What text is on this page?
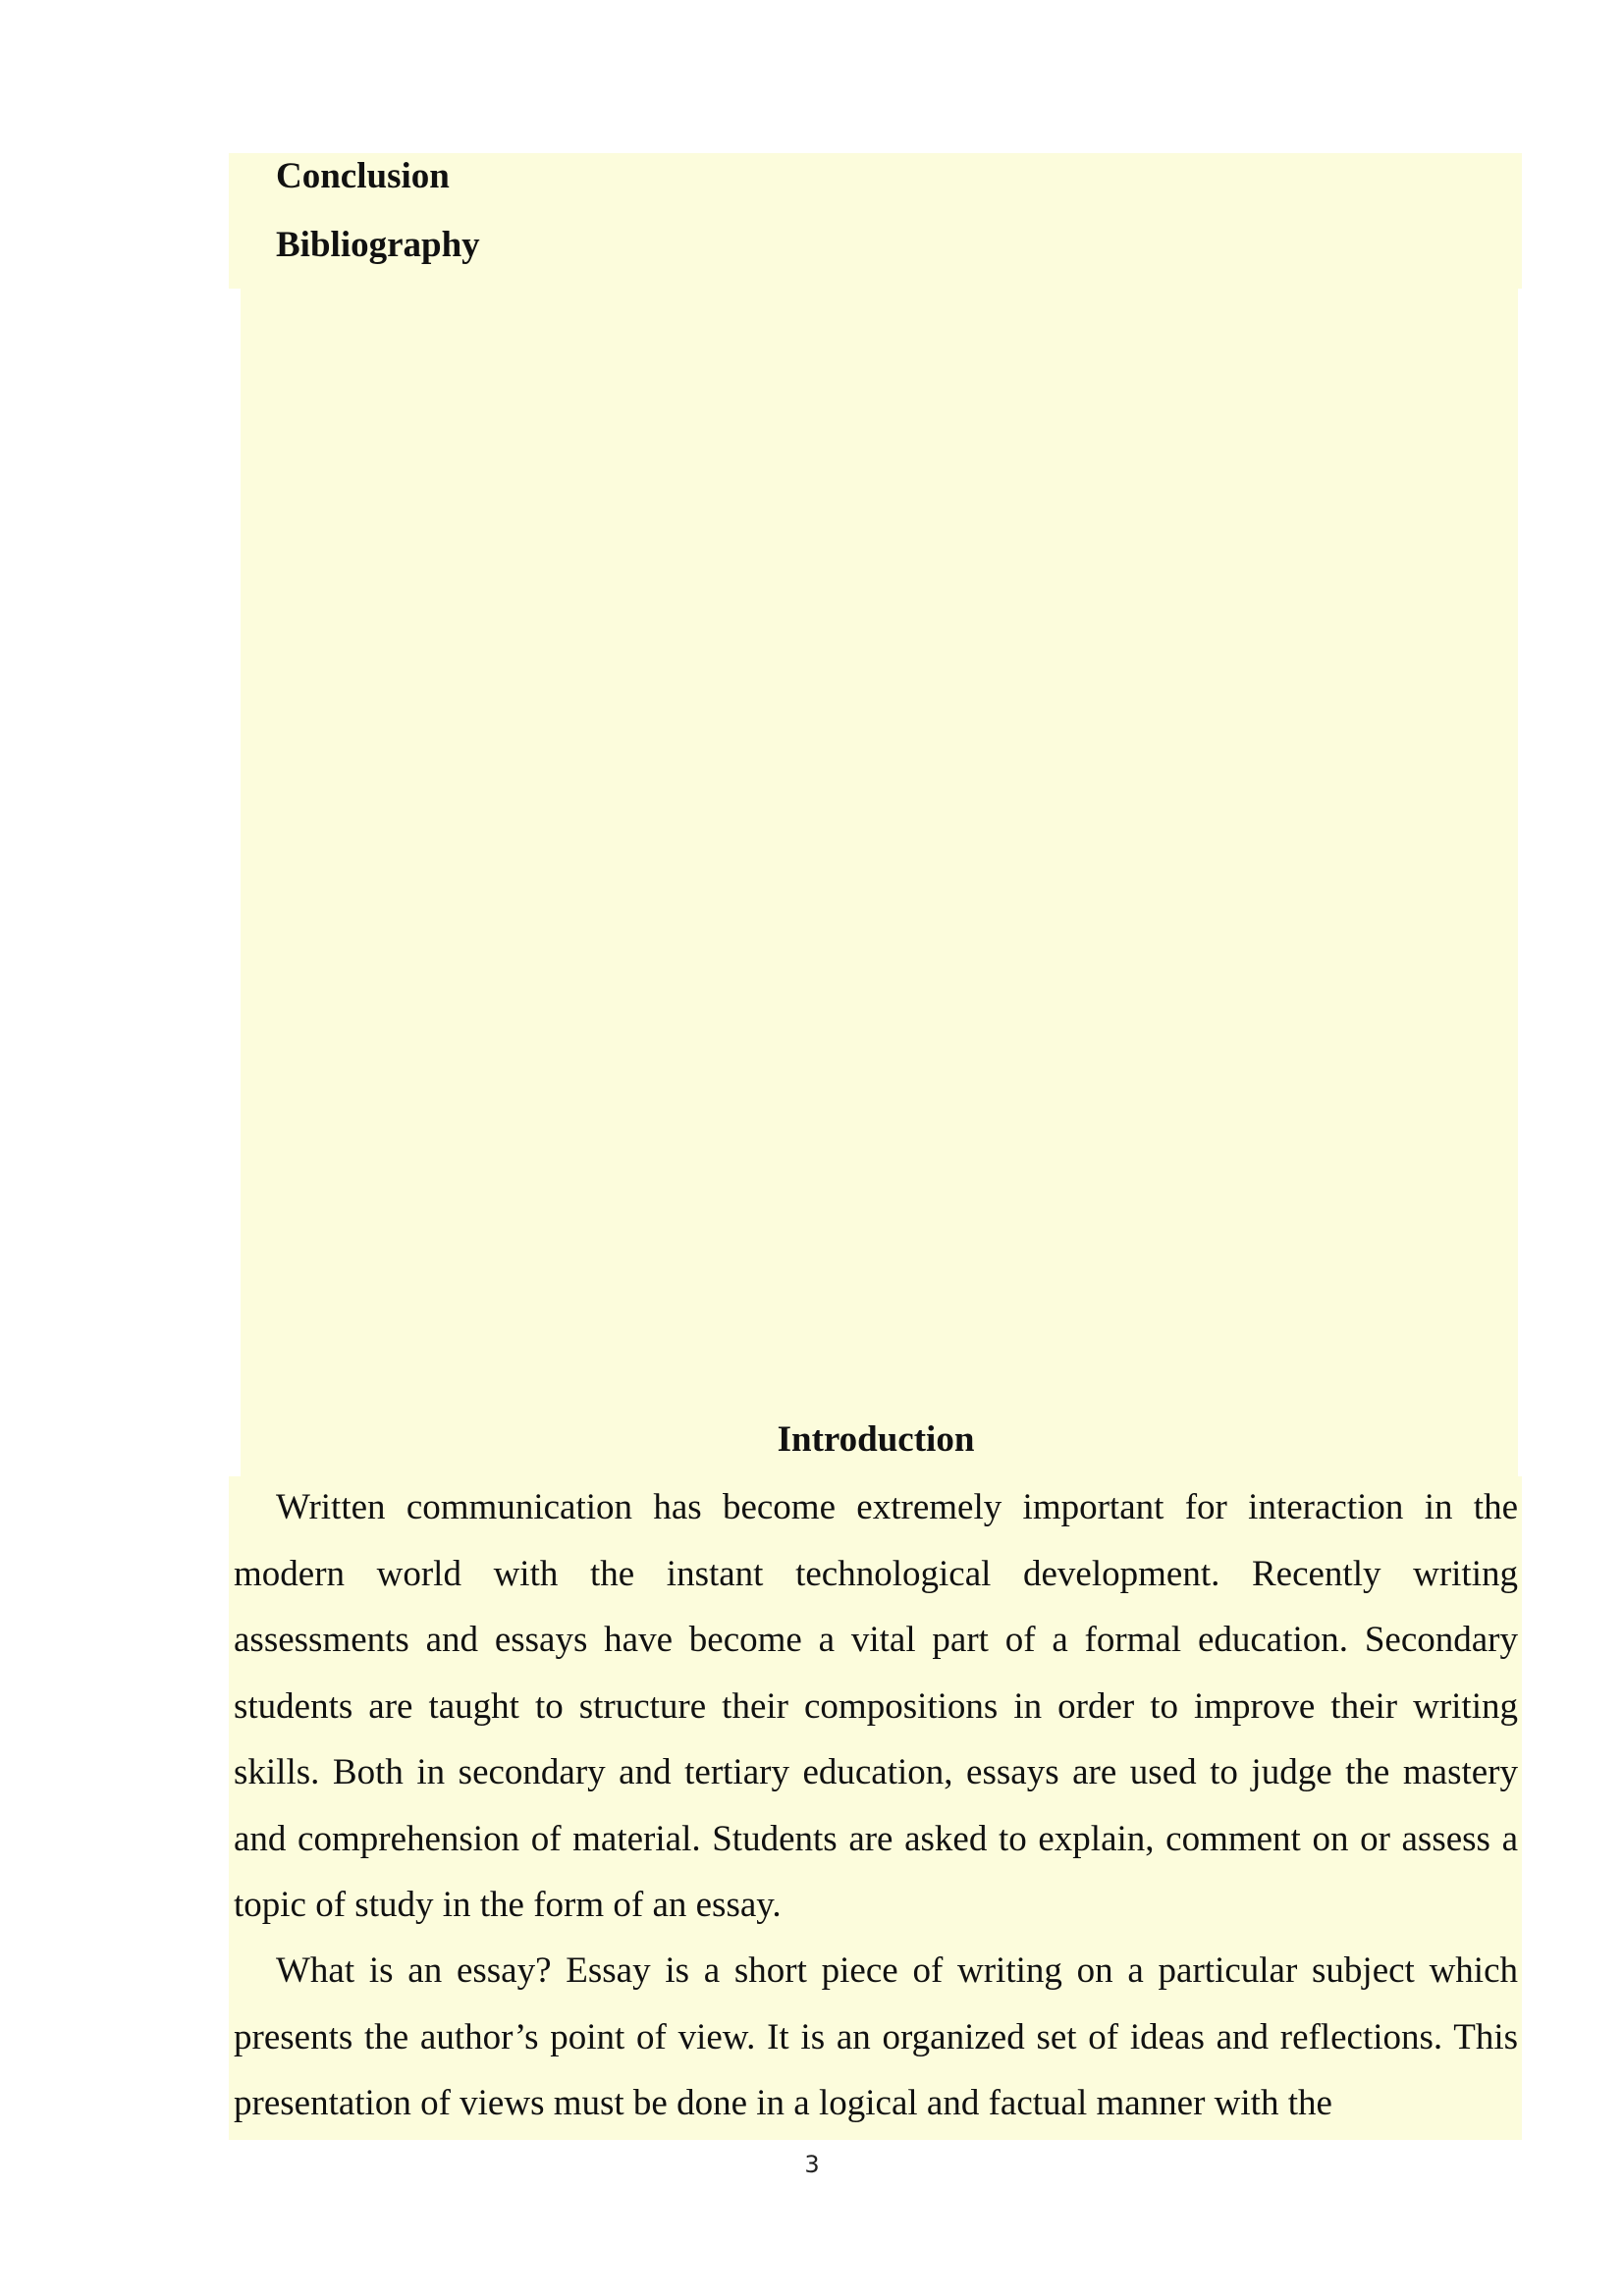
Conclusion
Bibliography
Introduction

Written communication has become extremely important for interaction in the modern world with the instant technological development. Recently writing assessments and essays have become a vital part of a formal education. Secondary students are taught to structure their compositions in order to improve their writing skills. Both in secondary and tertiary education, essays are used to judge the mastery and comprehension of material. Students are asked to explain, comment on or assess a topic of study in the form of an essay.

What is an essay? Essay is a short piece of writing on a particular subject which presents the author’s point of view. It is an organized set of ideas and reflections. This presentation of views must be done in a logical and factual manner with the

3
